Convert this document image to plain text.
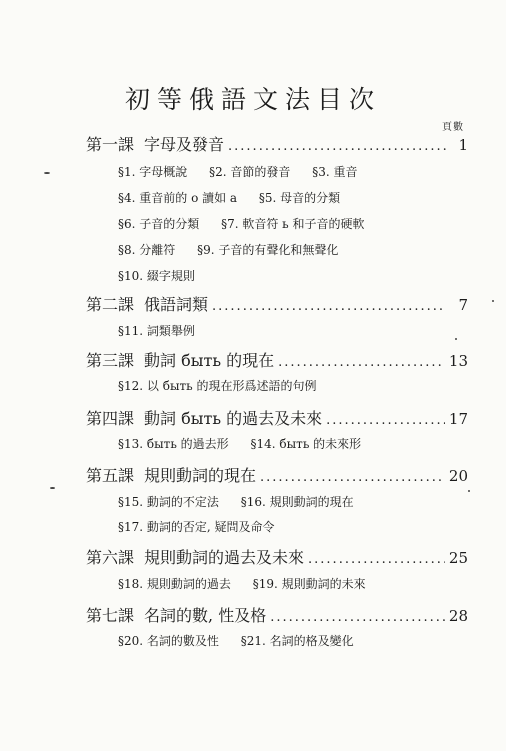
初等俄語文法目次
頁數
第一課 字母及發音 .....	1
§1. 字母概說 §2. 音節的發音 §3. 重音
§4. 重音前的 о 讀如 а §5. 母音的分類
§6. 子音的分類 §7. 軟音符 ь 和子音的硬軟
§8. 分離符 §9. 子音的有聲化和無聲化
§10. 綴字規則
第二課 俄語詞類 .....	7
§11. 詞類舉例
第三課 動詞 быть 的現在 .....	13
§12. 以 быть 的現在形爲述語的句例
第四課 動詞 быть 的過去及未來 .....	17
§13. быть 的過去形 §14. быть 的未來形
第五課 規則動詞的現在 .....	20
§15. 動詞的不定法 §16. 規則動詞的現在
§17. 動詞的否定, 疑問及命令
第六課 規則動詞的過去及未來 .....	25
§18. 規則動詞的過去 §19. 規則動詞的未來
第七課 名詞的數, 性及格 .....	28
§20. 名詞的數及性 §21. 名詞的格及變化
